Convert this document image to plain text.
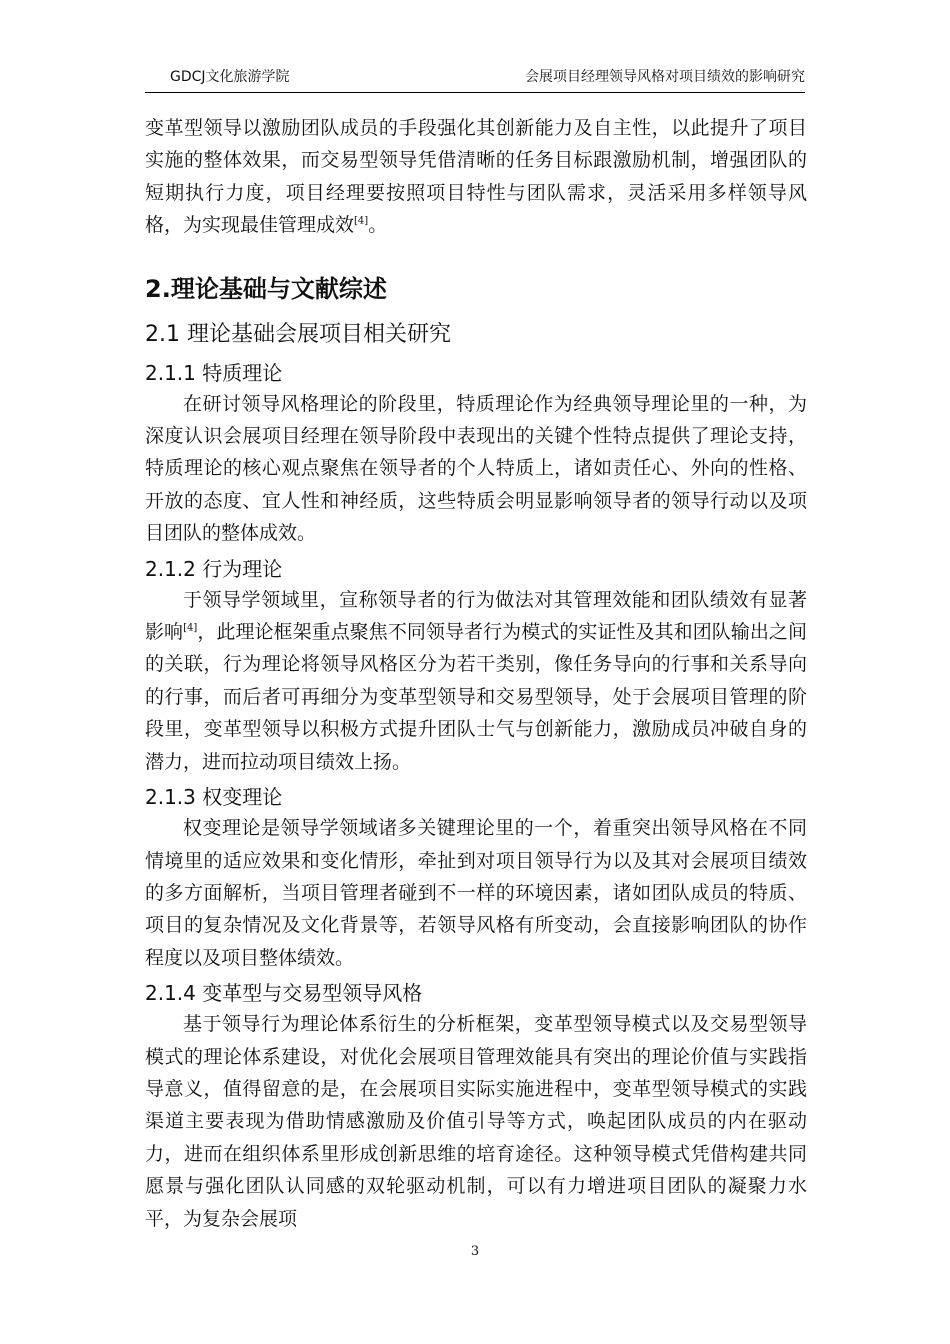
GDCJ文化旅游学院	会展项目经理领导风格对项目绩效的影响研究

变革型领导以激励团队成员的手段强化其创新能力及自主性，以此提升了项目实施的整体效果，而交易型领导凭借清晰的任务目标跟激励机制，增强团队的短期执行力度，项目经理要按照项目特性与团队需求，灵活采用多样领导风格，为实现最佳管理成效[4]。

2.理论基础与文献综述
2.1 理论基础会展项目相关研究
2.1.1 特质理论

在研讨领导风格理论的阶段里，特质理论作为经典领导理论里的一种，为深度认识会展项目经理在领导阶段中表现出的关键个性特点提供了理论支持，特质理论的核心观点聚焦在领导者的个人特质上，诸如责任心、外向的性格、开放的态度、宜人性和神经质，这些特质会明显影响领导者的领导行动以及项目团队的整体成效。

2.1.2 行为理论

于领导学领域里，宣称领导者的行为做法对其管理效能和团队绩效有显著影响[4]，此理论框架重点聚焦不同领导者行为模式的实证性及其和团队输出之间的关联，行为理论将领导风格区分为若干类别，像任务导向的行事和关系导向的行事，而后者可再细分为变革型领导和交易型领导，处于会展项目管理的阶段里，变革型领导以积极方式提升团队士气与创新能力，激励成员冲破自身的潜力，进而拉动项目绩效上扬。

2.1.3 权变理论

权变理论是领导学领域诸多关键理论里的一个，着重突出领导风格在不同情境里的适应效果和变化情形，牵扯到对项目领导行为以及其对会展项目绩效的多方面解析，当项目管理者碰到不一样的环境因素，诸如团队成员的特质、项目的复杂情况及文化背景等，若领导风格有所变动，会直接影响团队的协作程度以及项目整体绩效。

2.1.4 变革型与交易型领导风格

基于领导行为理论体系衍生的分析框架，变革型领导模式以及交易型领导模式的理论体系建设，对优化会展项目管理效能具有突出的理论价值与实践指导意义，值得留意的是，在会展项目实际实施进程中，变革型领导模式的实践渠道主要表现为借助情感激励及价值引导等方式，唤起团队成员的内在驱动力，进而在组织体系里形成创新思维的培育途径。这种领导模式凭借构建共同愿景与强化团队认同感的双轮驱动机制，可以有力增进项目团队的凝聚力水平，为复杂会展项

3
